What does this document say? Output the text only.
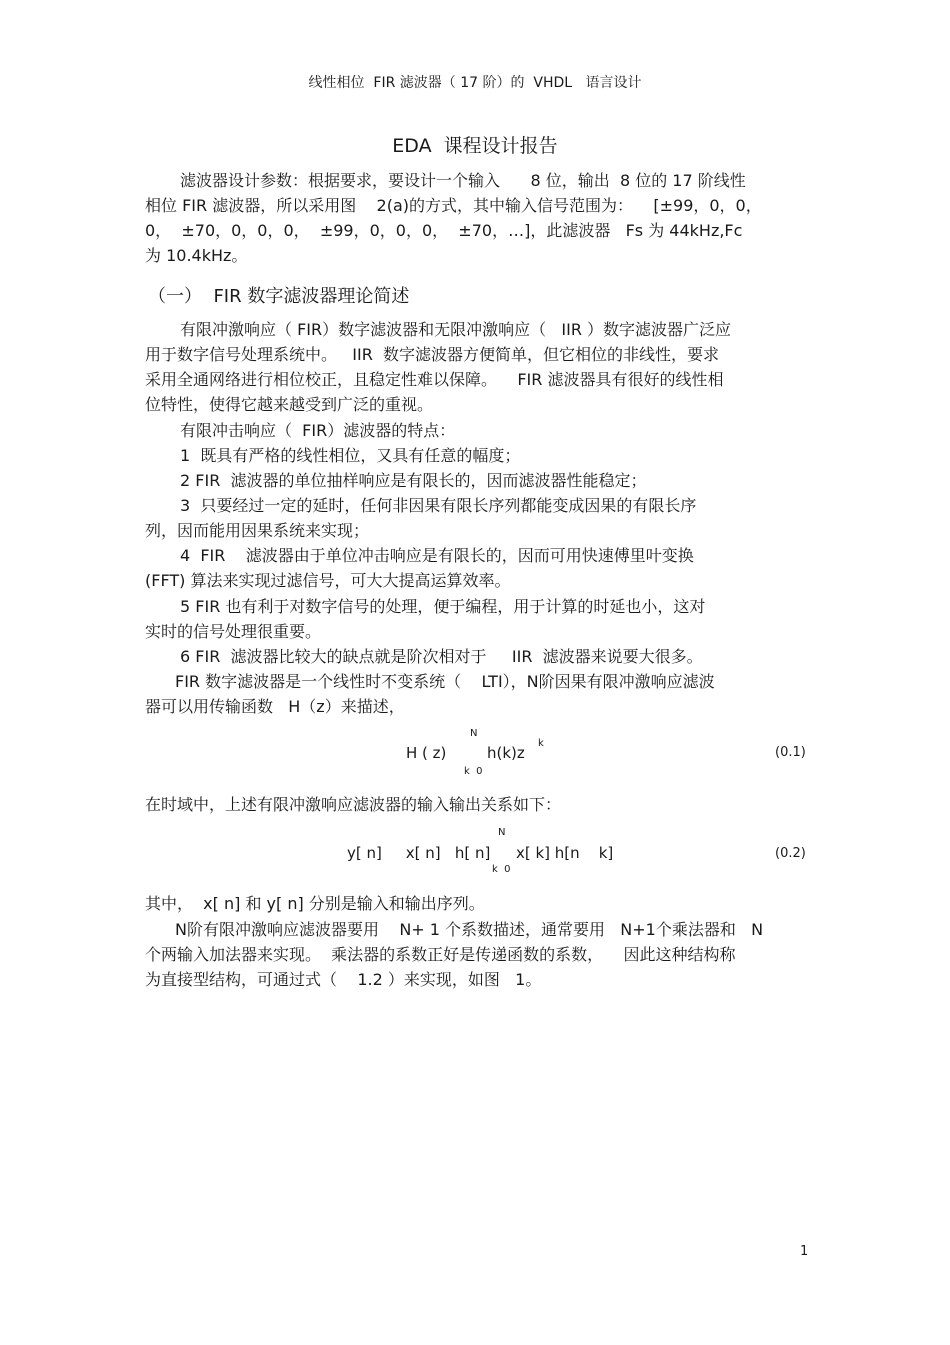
线性相位  FIR 滤波器（ 17 阶）的  VHDL   语言设计
EDA  课程设计报告
滤波器设计参数：根据要求，要设计一个输入      8 位，输出  8 位的 17 阶线性
相位 FIR 滤波器，所以采用图    2(a)的方式，其中输入信号范围为：    [±99，0，0，
0，  ±70，0，0，0，  ±99，0，0，0，  ±70，…]，此滤波器   Fs 为 44kHz,Fc
为 10.4kHz。
（一）  FIR 数字滤波器理论简述
有限冲激响应（ FIR）数字滤波器和无限冲激响应（   IIR ）数字滤波器广泛应
用于数字信号处理系统中。   IIR  数字滤波器方便简单，但它相位的非线性，要求
采用全通网络进行相位校正，且稳定性难以保障。    FIR 滤波器具有很好的线性相
位特性，使得它越来越受到广泛的重视。
有限冲击响应（  FIR）滤波器的特点：
1  既具有严格的线性相位，又具有任意的幅度；
2 FIR  滤波器的单位抽样响应是有限长的，因而滤波器性能稳定；
3  只要经过一定的延时，任何非因果有限长序列都能变成因果的有限长序
列，因而能用因果系统来实现；
4  FIR    滤波器由于单位冲击响应是有限长的，因而可用快速傅里叶变换
(FFT) 算法来实现过滤信号，可大大提高运算效率。
5 FIR 也有利于对数字信号的处理，便于编程，用于计算的时延也小，这对
实时的信号处理很重要。
6 FIR  滤波器比较大的缺点就是阶次相对于     IIR  滤波器来说要大很多。
FIR 数字滤波器是一个线性时不变系统（    LTI），N阶因果有限冲激响应滤波
器可以用传输函数   H（z）来描述，
N
H ( z)	h(k)z
k
k  0
(0.1)
在时域中，上述有限冲激响应滤波器的输入输出关系如下：
N
y[ n]     x[ n]   h[ n] x[ k] h[n    k]
k  0
(0.2)
其中，  x[ n] 和 y[ n] 分别是输入和输出序列。
N阶有限冲激响应滤波器要用    N+ 1 个系数描述，通常要用   N+1个乘法器和   N
个两输入加法器来实现。  乘法器的系数正好是传递函数的系数，    因此这种结构称
为直接型结构，可通过式（    1.2 ）来实现，如图   1。
1
